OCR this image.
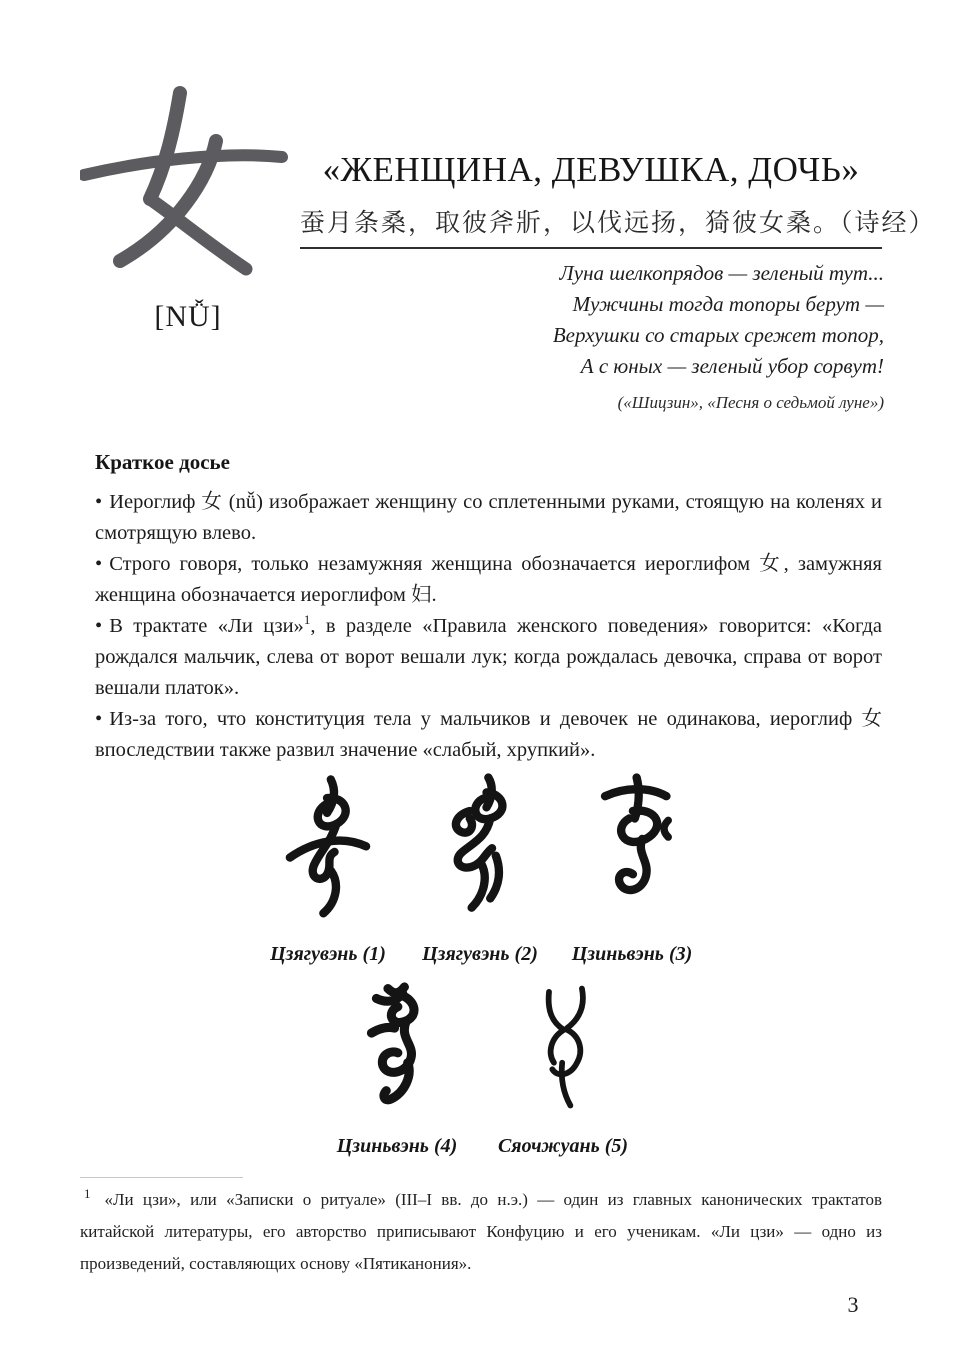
[NǙ]
«ЖЕНЩИНА, ДЕВУШКА, ДОЧЬ»
蚕月条桑，取彼斧斨，以伐远扬，猗彼女桑。（诗经）
Луна шелкопрядов — зеленый тут...
Мужчины тогда топоры берут —
Верхушки со старых срежет топор,
А с юных — зеленый убор сорвут!
(«Шицзин», «Песня о седьмой луне»)
Краткое досье

• Иероглиф 女 (nǚ) изображает женщину со сплетенными руками, стоящую на коленях и смотрящую влево.

• Строго говоря, только незамужняя женщина обозначается иероглифом 女, замужняя женщина обозначается иероглифом 妇.

• В трактате «Ли цзи»$^1$, в разделе «Правила женского поведения» говорится: «Когда рождался мальчик, слева от ворот вешали лук; когда рождалась девочка, справа от ворот вешали платок».

• Из-за того, что конституция тела у мальчиков и девочек не одинакова, иероглиф 女 впоследствии также развил значение «слабый, хрупкий».

Цзягувэнь (1) Цзягувэнь (2) Цзиньвэнь (3)
Цзиньвэнь (4) Сяочжуань (5)
$^1$ «Ли цзи», или «Записки о ритуале» (III–I вв. до н.э.) — один из главных канонических трактатов китайской литературы, его авторство приписывают Конфуцию и его ученикам. «Ли цзи» — одно из произведений, составляющих основу «Пятиканония».
3
